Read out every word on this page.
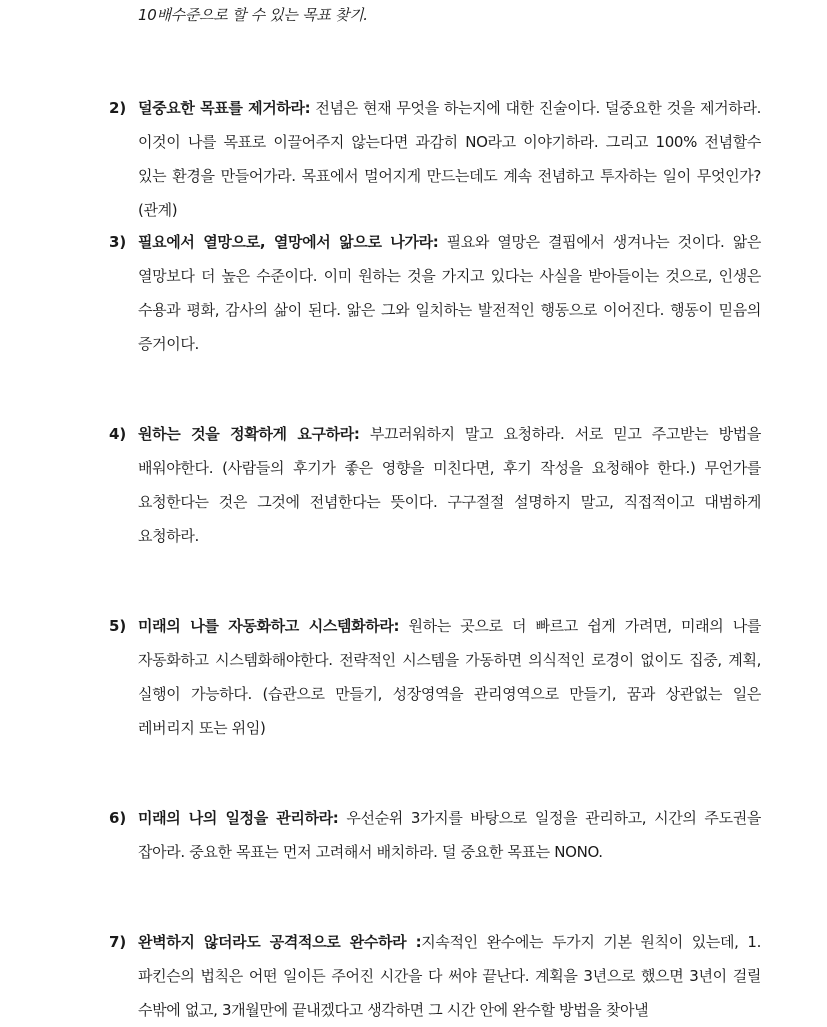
10배수준으로 할 수 있는 목표 찾기.
2) 덜중요한 목표를 제거하라: 전념은 현재 무엇을 하는지에 대한 진술이다. 덜중요한 것을 제거하라. 이것이 나를 목표로 이끌어주지 않는다면 과감히 NO라고 이야기하라. 그리고 100% 전념할수 있는 환경을 만들어가라. 목표에서 멀어지게 만드는데도 계속 전념하고 투자하는 일이 무엇인가? (관계)
3) 필요에서 열망으로, 열망에서 앎으로 나가라: 필요와 열망은 결핍에서 생겨나는 것이다. 앎은 열망보다 더 높은 수준이다. 이미 원하는 것을 가지고 있다는 사실을 받아들이는 것으로, 인생은 수용과 평화, 감사의 삶이 된다. 앎은 그와 일치하는 발전적인 행동으로 이어진다. 행동이 믿음의 증거이다.
4) 원하는 것을 정확하게 요구하라: 부끄러워하지 말고 요청하라. 서로 믿고 주고받는 방법을 배워야한다. (사람들의 후기가 좋은 영향을 미친다면, 후기 작성을 요청해야 한다.) 무언가를 요청한다는 것은 그것에 전념한다는 뜻이다. 구구절절 설명하지 말고, 직접적이고 대범하게 요청하라.
5) 미래의 나를 자동화하고 시스템화하라: 원하는 곳으로 더 빠르고 쉽게 가려면, 미래의 나를 자동화하고 시스템화해야한다. 전략적인 시스템을 가동하면 의식적인 로경이 없이도 집중, 계획, 실행이 가능하다. (습관으로 만들기, 성장영역을 관리영역으로 만들기, 꿈과 상관없는 일은 레버리지 또는 위임)
6) 미래의 나의 일정을 관리하라: 우선순위 3가지를 바탕으로 일정을 관리하고, 시간의 주도권을 잡아라. 중요한 목표는 먼저 고려해서 배치하라. 덜 중요한 목표는 NONO.
7) 완벽하지 않더라도 공격적으로 완수하라 :지속적인 완수에는 두가지 기본 원칙이 있는데, 1. 파킨슨의 법칙은 어떤 일이든 주어진 시간을 다 써야 끝난다. 계획을 3년으로 했으면 3년이 걸릴 수밖에 없고, 3개월만에 끝내겠다고 생각하면 그 시간 안에 완수할 방법을 찾아낼
